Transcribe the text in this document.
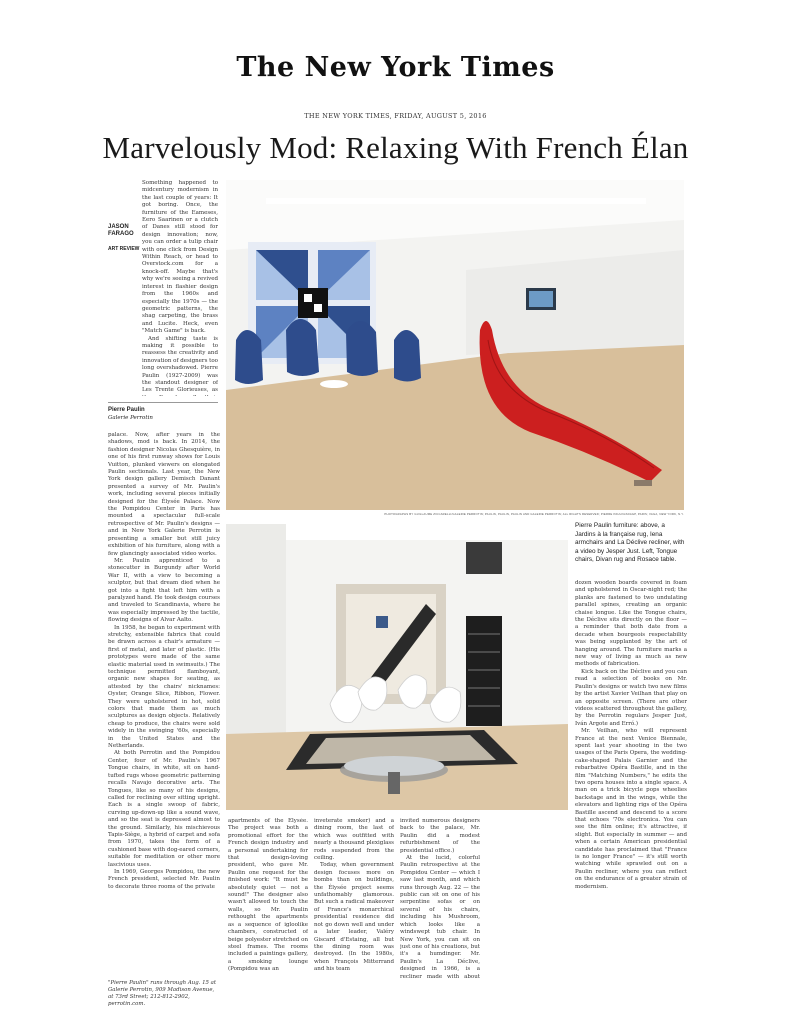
The New York Times
THE NEW YORK TIMES, FRIDAY, AUGUST 5, 2016
Marvelously Mod: Relaxing With French Élan
JASON FARAGO
ART REVIEW

Something happened to midcentury modernism in the last couple of years: It got boring. Once, the furniture of the Eameses, Eero Saarinen or a clutch of Danes still stood for design innovation; now, you can order a tulip chair with one click from Design Within Reach, or head to Overstock.com for a knock-off. Maybe that's why we're seeing a revived interest in flashier design from the 1960s and especially the 1970s — the geometric patterns, the shag carpeting, the brass and Lucite. Heck, even "Match Game" is back.

And shifting taste is making it possible to reassess the creativity and innovation of designers too long overshadowed. Pierre Paulin (1927-2009) was the standout designer of Les Trente Glorieuses, as

Pierre Paulin
Galerie Perrotin

palace. Now, after years in the shadows, mod is back. In 2014, the fashion designer Nicolas Ghesquière, in one of his first runway shows for Louis Vuitton, plunked viewers on elongated Paulin sectionals. Last year, the New York design gallery Demisch Danant presented a survey of Mr. Paulin's work, including several pieces initially designed for the Élysée Palace. Now the Pompidou Center in Paris has mounted a spectacular full-scale retrospective of Mr. Paulin's designs — and in New York Galerie Perrotin is presenting a smaller but still juicy exhibition of his furniture, along with a few glancingly associated video works.

Mr. Paulin apprenticed to a stonecutter in Burgundy after World War II, with a view to becoming a sculptor, but that dream died when he got into a fight that left him with a paralyzed hand. He took design courses and traveled to Scandinavia, where he was especially impressed by the tactile, flowing designs of Alvar Aalto.

In 1958, he began to experiment with stretchy, extensible fabrics that could be drawn across a chair's armature — first of metal, and later of plastic. (His prototypes were made of the same elastic material used in swimsuits.) The technique permitted flamboyant, organic new shapes for seating, as attested by the chairs' nicknames: Oyster, Orange Slice, Ribbon, Flower. They were upholstered in hot, solid colors that made them as much sculptures as design objects. Relatively cheap to produce, the chairs were sold widely in the swinging '60s, especially in the United States and the Netherlands.

At both Perrotin and the Pompidou Center, four of Mr. Paulin's 1967 Tongue chairs, in white, sit on hand-tufted rugs whose geometric patterning recalls Navajo decorative arts. The Tongues, like so many of his designs, called for reclining over sitting upright. Each is a single swoop of fabric, curving up-down-up like a sound wave, and so the seat is depressed almost to the ground. Similarly, his mischievous Tapis-Siège, a hybrid of carpet and sofa from 1970, takes the form of a cushioned base with dog-eared corners, suitable for meditation or other more lascivious uses.

In 1969, Georges Pompidou, the new French president, selected Mr. Paulin to decorate three rooms of the private

"Pierre Paulin" runs through Aug. 15 at Galerie Perrotin, 909 Madison Avenue, at 73rd Street; 212-812-2902, perrotin.com.
PHOTOGRAPHS BY GUILLAUME ZICCARELLI/GALERIE PERROTIN; PAULIN, PAULIN, PAULIN AND GALERIE PERROTIN; ALL RIGHTS RESERVED; PIERRE PAULIN/ADAGP, PARIS; VAGA, NEW YORK, N.Y.
Pierre Paulin furniture: above, a Jardins à la française rug, Iena armchairs and La Déclive recliner, with a video by Jesper Just. Left, Tongue chairs, Divan rug and Rosace table.

apartments of the Élysée. The project was both a promotional effort for the French design industry and a personal undertaking for that design-loving president, who gave Mr. Paulin one request for the finished work: "It must be absolutely quiet — not a sound!" The designer also wasn't allowed to touch the walls, so Mr. Paulin rethought the apartments as a sequence of igloolike chambers, constructed of beige polyester stretched on steel frames. The rooms included a paintings gallery, a smoking lounge (Pompidou was an

inveterate smoker) and a dining room, the last of which was outfitted with nearly a thousand plexiglass rods suspended from the ceiling.

Today, when government design focuses more on bombs than on buildings, the Élysée project seems unfathomably glamorous. But such a radical makeover of France's monarchical presidential residence did not go down well and under a later leader, Valéry Giscard d'Estaing, all but the dining room was destroyed. (In the 1980s, when François Mitterrand and his team

invited numerous designers back to the palace, Mr. Paulin did a modest refurbishment of the presidential office.)

At the lucid, colorful Paulin retrospective at the Pompidou Center — which I saw last month, and which runs through Aug. 22 — the public can sit on one of his serpentine sofas or on several of his chairs, including his Mushroom, which looks like a windswept tub chair. In New York, you can sit on just one of his creations, but it's a humdinger. Mr. Paulin's La Déclive, designed in 1966, is a recliner made with about

dozen wooden boards covered in foam and upholstered in Oscar-night red; the planks are fastened to two undulating parallel spines, creating an organic chaise longue. Like the Tongue chairs, the Déclive sits directly on the floor — a reminder that both date from a decade when bourgeois respectability was being supplanted by the art of hanging around. The furniture marks a new way of living as much as new methods of fabrication.

Kick back on the Déclive and you can read a selection of books on Mr. Paulin's designs or watch two new films by the artist Xavier Veilhan that play on an opposite screen. (There are other videos scattered throughout the gallery, by the Perrotin regulars Jesper Just, Iván Argote and Erró.)

Mr. Veilhan, who will represent France at the next Venice Biennale, spent last year shooting in the two usages of the Paris Opera, the wedding-cake-shaped Palais Garnier and the rebarbative Opéra Bastille, and in the film "Matching Numbers," he edits the two opera houses into a single space. A man on a trick bicycle pops wheelies backstage and in the wings, while the elevators and lighting rigs of the Opéra Bastille ascend and descend to a score that echoes '70s electronica. You can see the film online; it's attractive, if slight. But especially in summer — and when a certain American presidential candidate has proclaimed that "France is no longer France" — it's still worth watching while sprawled out on a Paulin recliner, where you can reflect on the endurance of a greater strain of modernism.
